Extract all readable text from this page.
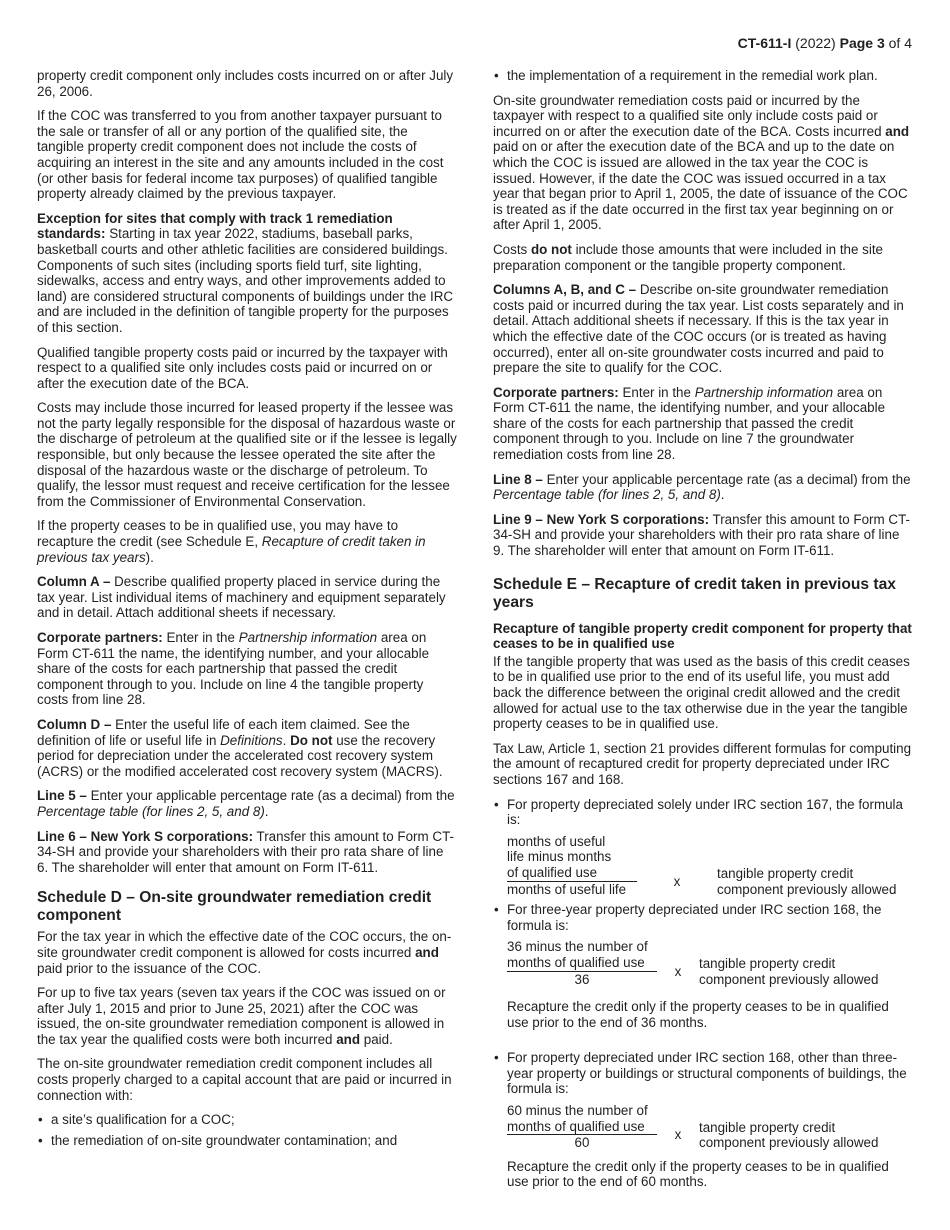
CT-611-I (2022) Page 3 of 4

property credit component only includes costs incurred on or after July 26, 2006.

If the COC was transferred to you from another taxpayer pursuant to the sale or transfer of all or any portion of the qualified site, the tangible property credit component does not include the costs of acquiring an interest in the site and any amounts included in the cost (or other basis for federal income tax purposes) of qualified tangible property already claimed by the previous taxpayer.

Exception for sites that comply with track 1 remediation standards: Starting in tax year 2022, stadiums, baseball parks, basketball courts and other athletic facilities are considered buildings. Components of such sites (including sports field turf, site lighting, sidewalks, access and entry ways, and other improvements added to land) are considered structural components of buildings under the IRC and are included in the definition of tangible property for the purposes of this section.

Qualified tangible property costs paid or incurred by the taxpayer with respect to a qualified site only includes costs paid or incurred on or after the execution date of the BCA.

Costs may include those incurred for leased property if the lessee was not the party legally responsible for the disposal of hazardous waste or the discharge of petroleum at the qualified site or if the lessee is legally responsible, but only because the lessee operated the site after the disposal of the hazardous waste or the discharge of petroleum. To qualify, the lessor must request and receive certification for the lessee from the Commissioner of Environmental Conservation.

If the property ceases to be in qualified use, you may have to recapture the credit (see Schedule E, Recapture of credit taken in previous tax years).

Column A – Describe qualified property placed in service during the tax year. List individual items of machinery and equipment separately and in detail. Attach additional sheets if necessary.

Corporate partners: Enter in the Partnership information area on Form CT-611 the name, the identifying number, and your allocable share of the costs for each partnership that passed the credit component through to you. Include on line 4 the tangible property costs from line 28.

Column D – Enter the useful life of each item claimed. See the definition of life or useful life in Definitions. Do not use the recovery period for depreciation under the accelerated cost recovery system (ACRS) or the modified accelerated cost recovery system (MACRS).

Line 5 – Enter your applicable percentage rate (as a decimal) from the Percentage table (for lines 2, 5, and 8).

Line 6 – New York S corporations: Transfer this amount to Form CT-34-SH and provide your shareholders with their pro rata share of line 6. The shareholder will enter that amount on Form IT-611.

Schedule D – On-site groundwater remediation credit component

For the tax year in which the effective date of the COC occurs, the on-site groundwater credit component is allowed for costs incurred and paid prior to the issuance of the COC.

For up to five tax years (seven tax years if the COC was issued on or after July 1, 2015 and prior to June 25, 2021) after the COC was issued, the on-site groundwater remediation component is allowed in the tax year the qualified costs were both incurred and paid.

The on-site groundwater remediation credit component includes all costs properly charged to a capital account that are paid or incurred in connection with:

• a site’s qualification for a COC;
• the remediation of on-site groundwater contamination; and
• the implementation of a requirement in the remedial work plan.

On-site groundwater remediation costs paid or incurred by the taxpayer with respect to a qualified site only include costs paid or incurred on or after the execution date of the BCA. Costs incurred and paid on or after the execution date of the BCA and up to the date on which the COC is issued are allowed in the tax year the COC is issued. However, if the date the COC was issued occurred in a tax year that began prior to April 1, 2005, the date of issuance of the COC is treated as if the date occurred in the first tax year beginning on or after April 1, 2005.

Costs do not include those amounts that were included in the site preparation component or the tangible property component.

Columns A, B, and C – Describe on-site groundwater remediation costs paid or incurred during the tax year. List costs separately and in detail. Attach additional sheets if necessary. If this is the tax year in which the effective date of the COC occurs (or is treated as having occurred), enter all on-site groundwater costs incurred and paid to prepare the site to qualify for the COC.

Corporate partners: Enter in the Partnership information area on Form CT-611 the name, the identifying number, and your allocable share of the costs for each partnership that passed the credit component through to you. Include on line 7 the groundwater remediation costs from line 28.

Line 8 – Enter your applicable percentage rate (as a decimal) from the Percentage table (for lines 2, 5, and 8).

Line 9 – New York S corporations: Transfer this amount to Form CT-34-SH and provide your shareholders with their pro rata share of line 9. The shareholder will enter that amount on Form IT-611.

Schedule E – Recapture of credit taken in previous tax years
Recapture of tangible property credit component for property that ceases to be in qualified use

If the tangible property that was used as the basis of this credit ceases to be in qualified use prior to the end of its useful life, you must add back the difference between the original credit allowed and the credit allowed for actual use to the tax otherwise due in the year the tangible property ceases to be in qualified use.

Tax Law, Article 1, section 21 provides different formulas for computing the amount of recaptured credit for property depreciated under IRC sections 167 and 168.

• For property depreciated solely under IRC section 167, the formula is:
months of useful
life minus months
of qualified use
months of useful life
x
tangible property credit
component previously allowed
• For three-year property depreciated under IRC section 168, the formula is:
36 minus the number of
months of qualified use
36
x
tangible property credit
component previously allowed

Recapture the credit only if the property ceases to be in qualified use prior to the end of 36 months.

• For property depreciated under IRC section 168, other than three-year property or buildings or structural components of buildings, the formula is:
60 minus the number of
months of qualified use
60
x
tangible property credit
component previously allowed

Recapture the credit only if the property ceases to be in qualified use prior to the end of 60 months.
